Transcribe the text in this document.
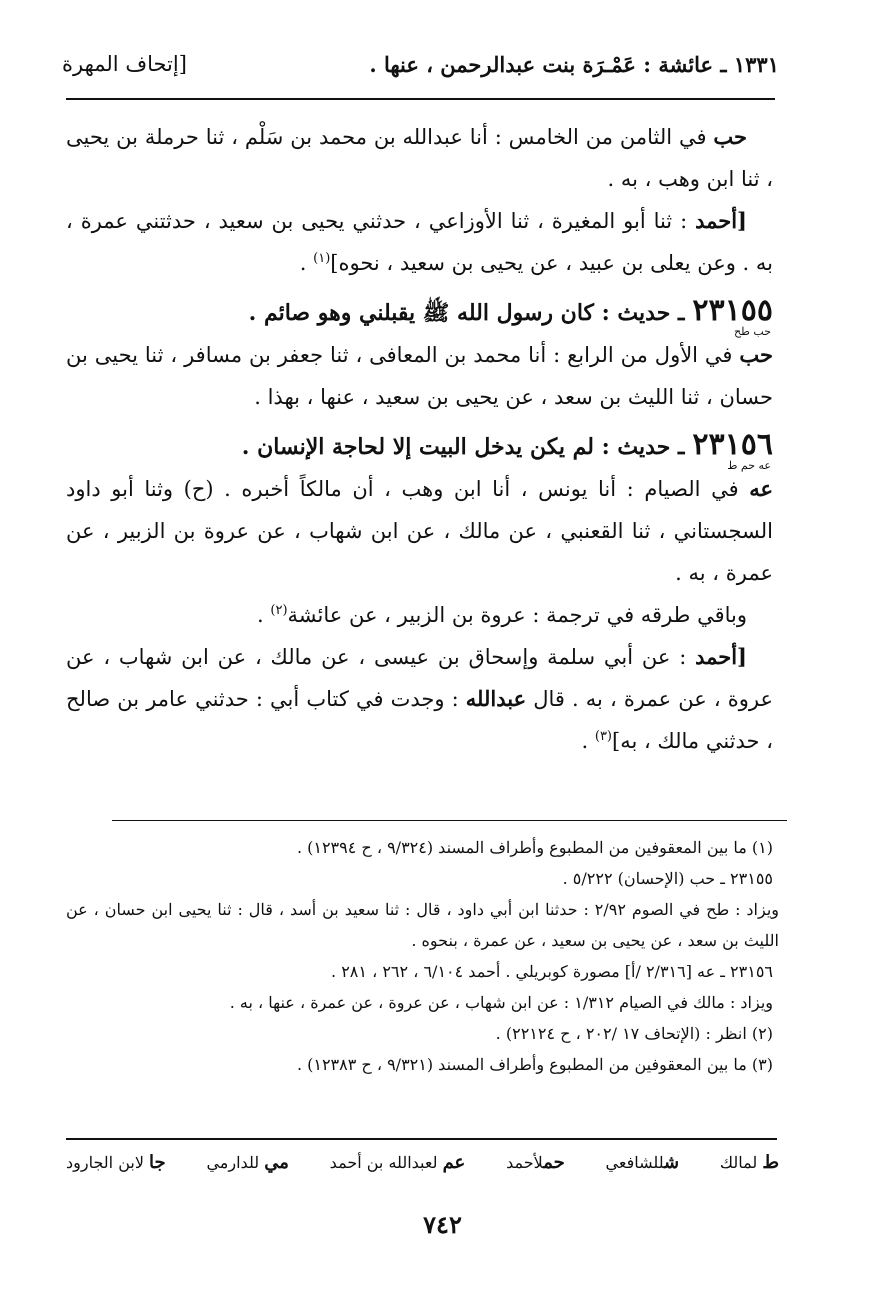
١٣٣١ ـ عائشة : عَمْـرَة بنت عبدالرحمن ، عنها .
[إتحاف المهرة

حب في الثامن من الخامس : أنا عبدالله بن محمد بن سَلْم ، ثنا حرملة بن يحيى ، ثنا ابن وهب ، به .

[أحمد : ثنا أبو المغيرة ، ثنا الأوزاعي ، حدثني يحيى بن سعيد ، حدثتني عمرة ، به . وعن يعلى بن عبيد ، عن يحيى بن سعيد ، نحوه]$^{(١)}$ .

٢٣١٥٥
ـ حديث : كان رسول الله ﷺ يقبلني وهو صائم .
حب طح

حب في الأول من الرابع : أنا محمد بن المعافى ، ثنا جعفر بن مسافر ، ثنا يحيى بن حسان ، ثنا الليث بن سعد ، عن يحيى بن سعيد ، عنها ، بهذا .

٢٣١٥٦
ـ حديث : لم يكن يدخل البيت إلا لحاجة الإنسان .
عه حم ط

عه في الصيام : أنا يونس ، أنا ابن وهب ، أن مالكاً أخبره . (ح) وثنا أبو داود السجستاني ، ثنا القعنبي ، عن مالك ، عن ابن شهاب ، عن عروة بن الزبير ، عن عمرة ، به .

وباقي طرقه في ترجمة : عروة بن الزبير ، عن عائشة$^{(٢)}$ .

[أحمد : عن أبي سلمة وإسحاق بن عيسى ، عن مالك ، عن ابن شهاب ، عن عروة ، عن عمرة ، به . قال عبدالله : وجدت في كتاب أبي : حدثني عامر بن صالح ، حدثني مالك ، به]$^{(٣)}$ .

(١) ما بين المعقوفين من المطبوع وأطراف المسند (٩/٣٢٤ ، ح ١٢٣٩٤) .

٢٣١٥٥ ـ حب (الإحسان) ٥/٢٢٢ .

ويزاد : طح في الصوم ٢/٩٢ : حدثنا ابن أبي داود ، قال : ثنا سعيد بن أسد ، قال : ثنا يحيى ابن حسان ، عن الليث بن سعد ، عن يحيى بن سعيد ، عن عمرة ، بنحوه .

٢٣١٥٦ ـ عه [٢/٣١٦ /أ] مصورة كوبريلي . أحمد ٦/١٠٤ ، ٢٦٢ ، ٢٨١ .

ويزاد : مالك في الصيام ١/٣١٢ : عن ابن شهاب ، عن عروة ، عن عمرة ، عنها ، به .

(٢) انظر : (الإتحاف ١٧ /٢٠٢ ، ح ٢٢١٢٤) .

(٣) ما بين المعقوفين من المطبوع وأطراف المسند (٩/٣٢١ ، ح ١٢٣٨٣) .

ط لمالك
شللشافعي
حملأحمد
عم لعبدالله بن أحمد
مي للدارمي
جا لابن الجارود
٧٤٢
